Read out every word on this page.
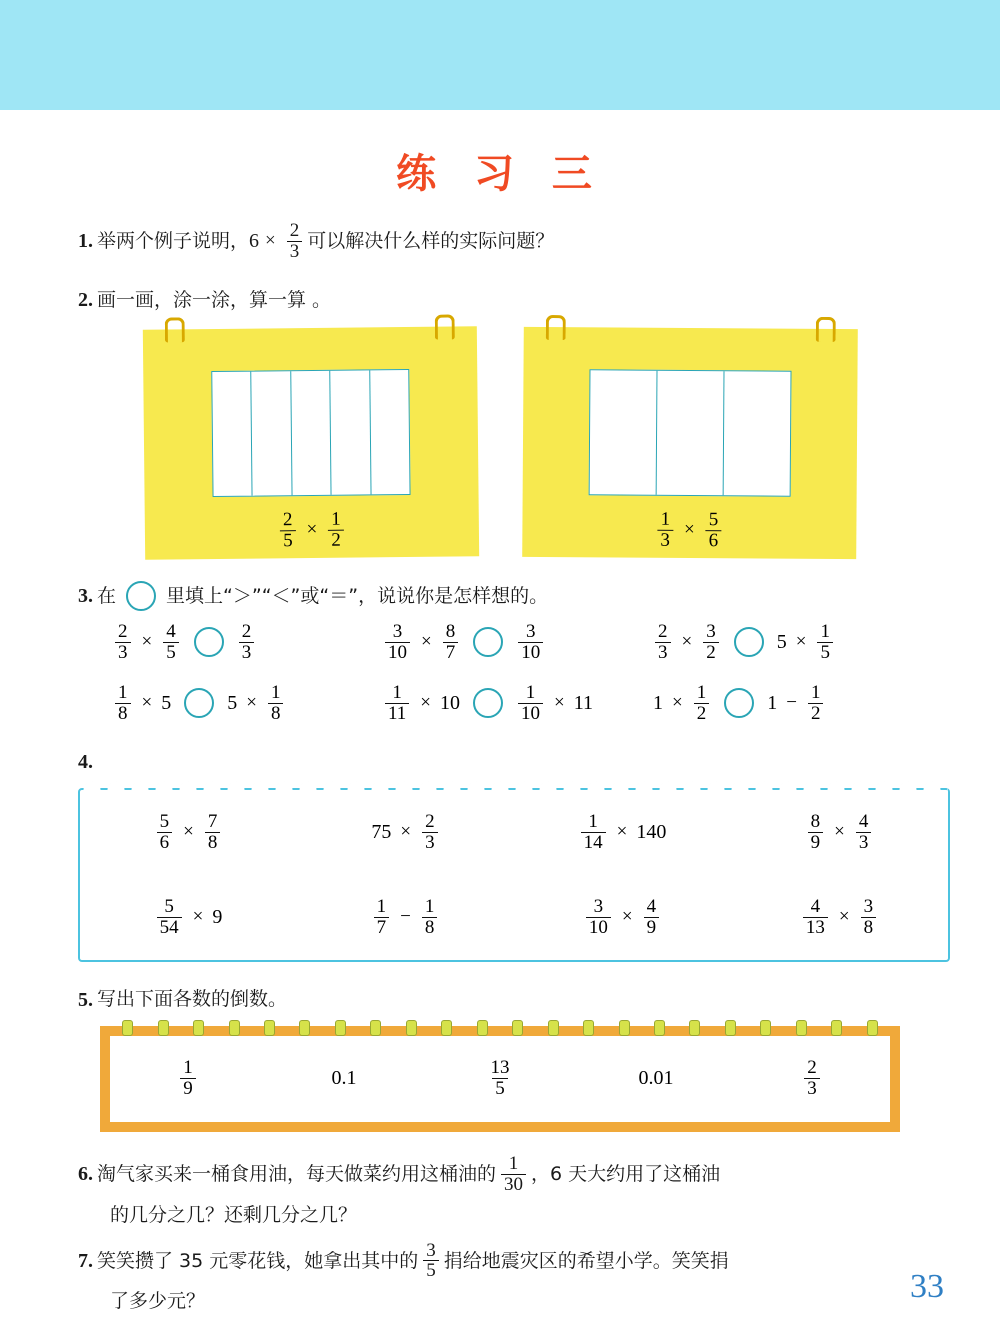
练 习 三
1. 举两个例子说明， $6 \times \frac{2}{3}$ 可以解决什么样的实际问题？
2. 画一画，涂一涂，算一算 。
$\frac{2}{5} \times \frac{1}{2}$	$\frac{1}{3} \times \frac{5}{6}$
3. 在	里填上 “＞” “＜” 或 “＝” ，说说你是怎样想的。
$\frac{2}{3} \times \frac{4}{5}$	$\frac{2}{3}$	$\frac{3}{10} \times \frac{8}{7}$	$\frac{3}{10}$	$\frac{2}{3} \times \frac{3}{2}$	$5 \times \frac{1}{5}$
$\frac{1}{8} \times 5$	$5 \times \frac{1}{8}$	$\frac{1}{11} \times 10$	$\frac{1}{10} \times 11$	$1 \times \frac{1}{2}$	$1 - \frac{1}{2}$
4.
$\frac{5}{6} \times \frac{7}{8}$	$75 \times \frac{2}{3}$	$\frac{1}{14} \times 140$	$\frac{8}{9} \times \frac{4}{3}$
$\frac{5}{54} \times 9$	$\frac{1}{7} - \frac{1}{8}$	$\frac{3}{10} \times \frac{4}{9}$	$\frac{4}{13} \times \frac{3}{8}$
5. 写出下面各数的倒数。
$\frac{1}{9}$	0.1	$\frac{13}{5}$	0.01	$\frac{2}{3}$
6. 淘气家买来一桶食用油，每天做菜约用这桶油的 $\frac{1}{30}$ ，6 天大约用了这桶油
的几分之几？还剩几分之几？
7. 笑笑攒了 35 元零花钱，她拿出其中的 $\frac{3}{5}$ 捐给地震灾区的希望小学。笑笑捐
了多少元？	33
